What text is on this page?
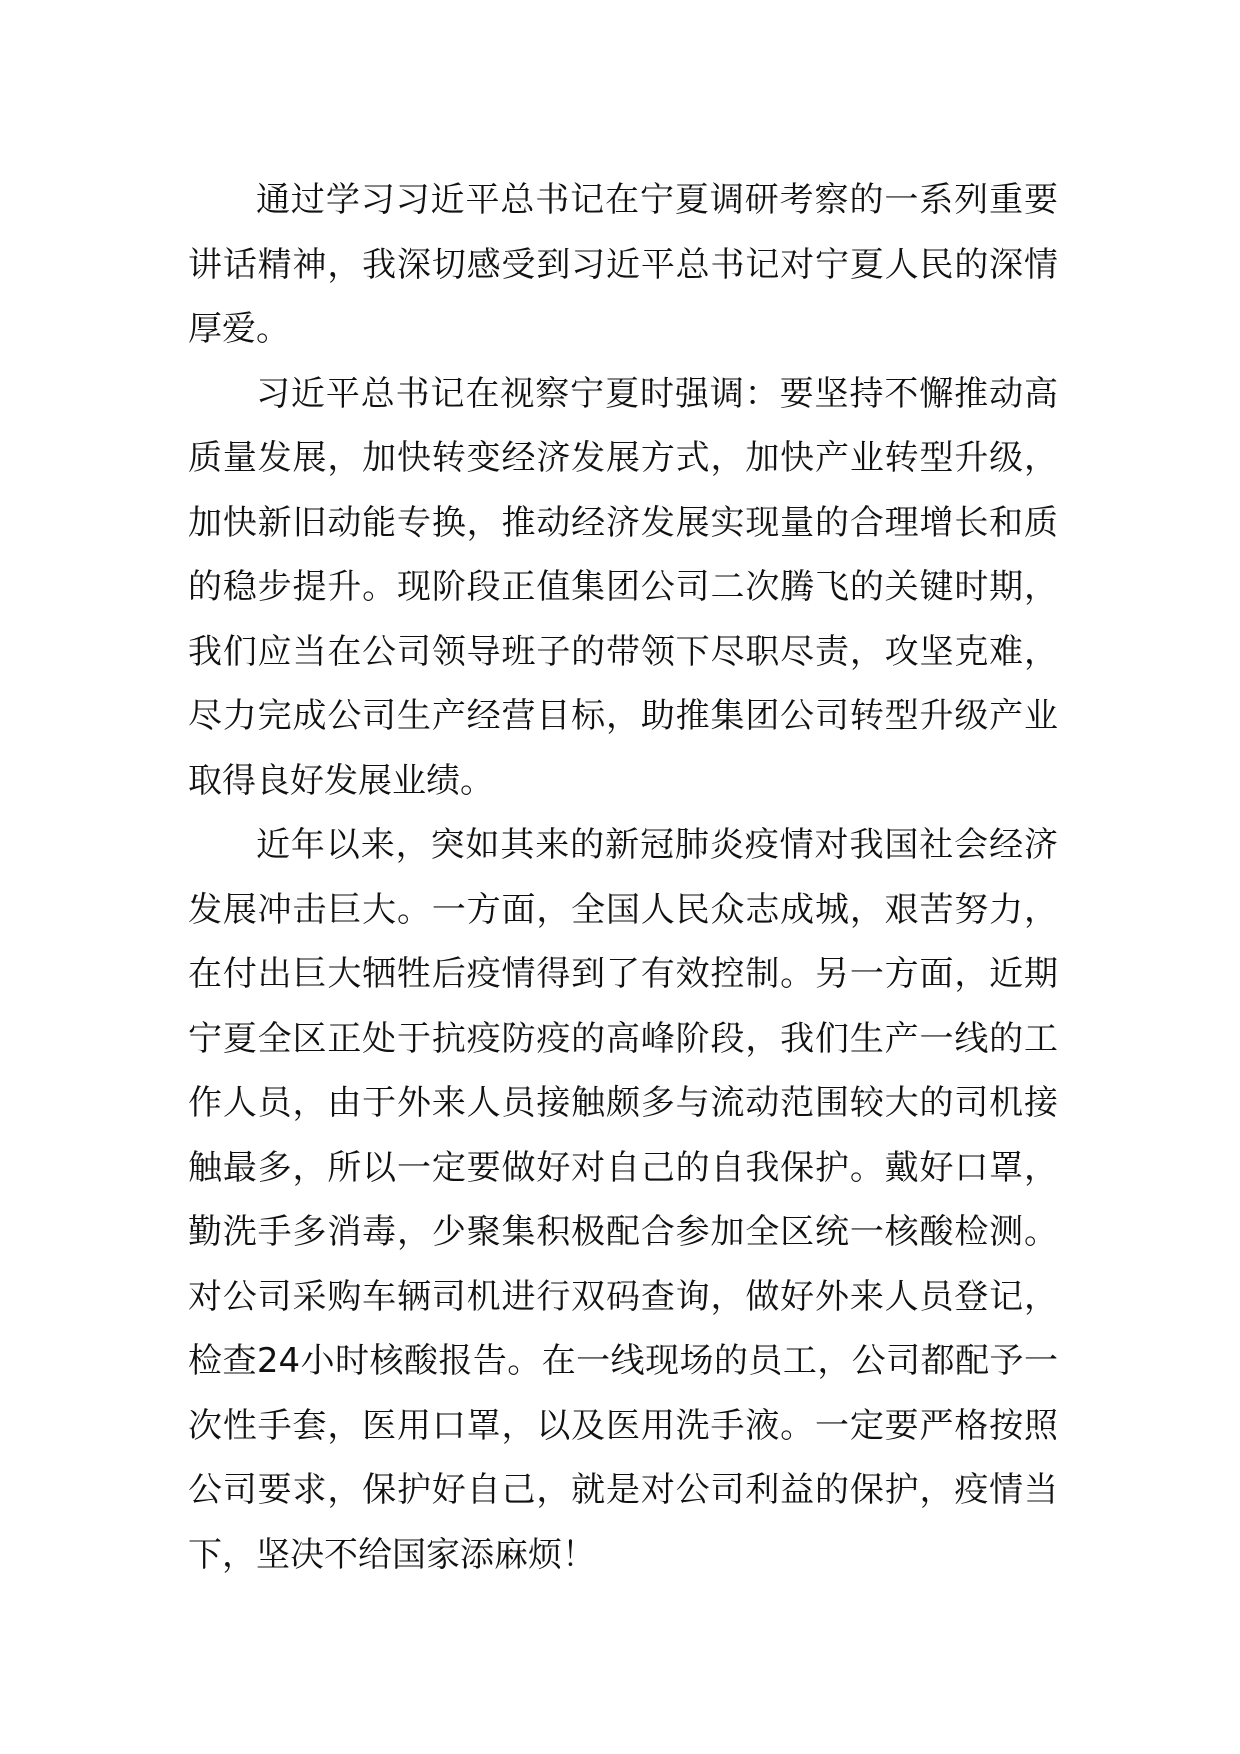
通过学习习近平总书记在宁夏调研考察的一系列重要讲话精神，我深切感受到习近平总书记对宁夏人民的深情厚爱。

习近平总书记在视察宁夏时强调：要坚持不懈推动高质量发展，加快转变经济发展方式，加快产业转型升级，加快新旧动能专换，推动经济发展实现量的合理增长和质的稳步提升。现阶段正值集团公司二次腾飞的关键时期，我们应当在公司领导班子的带领下尽职尽责，攻坚克难，尽力完成公司生产经营目标，助推集团公司转型升级产业取得良好发展业绩。

近年以来，突如其来的新冠肺炎疫情对我国社会经济发展冲击巨大。一方面，全国人民众志成城，艰苦努力，在付出巨大牺牲后疫情得到了有效控制。另一方面，近期宁夏全区正处于抗疫防疫的高峰阶段，我们生产一线的工作人员，由于外来人员接触颇多与流动范围较大的司机接触最多，所以一定要做好对自己的自我保护。戴好口罩，勤洗手多消毒，少聚集积极配合参加全区统一核酸检测。对公司采购车辆司机进行双码查询，做好外来人员登记，检查24小时核酸报告。在一线现场的员工，公司都配予一次性手套，医用口罩，以及医用洗手液。一定要严格按照公司要求，保护好自己，就是对公司利益的保护，疫情当下，坚决不给国家添麻烦！
